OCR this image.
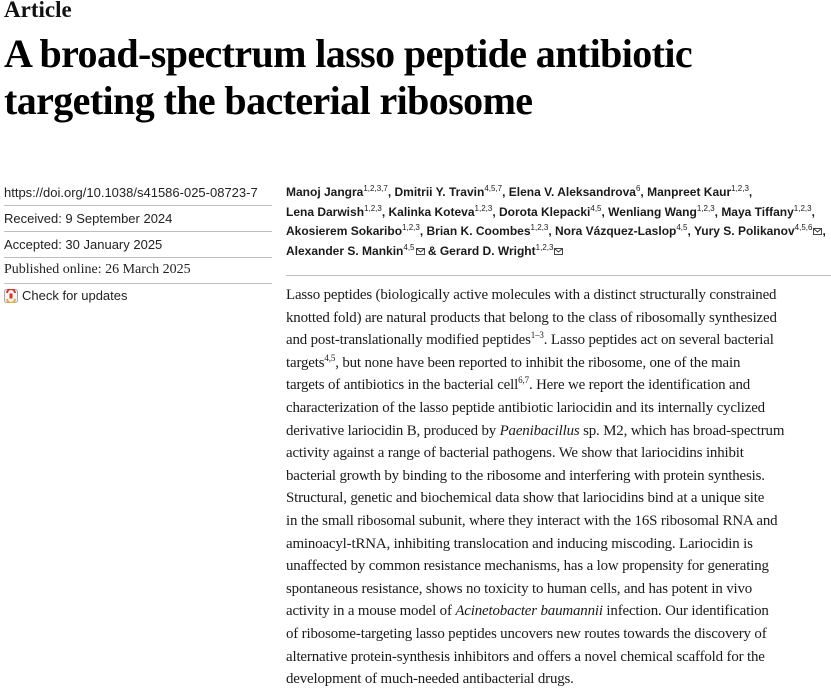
Article
A broad-spectrum lasso peptide antibiotic
targeting the bacterial ribosome
https://doi.org/10.1038/s41586-025-08723-7
Received: 9 September 2024
Accepted: 30 January 2025
Published online: 26 March 2025
Check for updates
Manoj Jangra$^{1,2,3,7}$, Dmitrii Y. Travin$^{4,5,7}$, Elena V. Aleksandrova$^6$, Manpreet Kaur$^{1,2,3}$, Lena Darwish$^{1,2,3}$, Kalinka Koteva$^{1,2,3}$, Dorota Klepacki$^{4,5}$, Wenliang Wang$^{1,2,3}$, Maya Tiffany$^{1,2,3}$, Akosierem Sokaribo$^{1,2,3}$, Brian K. Coombes$^{1,2,3}$, Nora Vázquez-Laslop$^{4,5}$, Yury S. Polikanov$^{4,5,6}$ , Alexander S. Mankin$^{4,5}$ & Gerard D. Wright$^{1,2,3}$
Lasso peptides (biologically active molecules with a distinct structurally constrained
knotted fold) are natural products that belong to the class of ribosomally synthesized
and post-translationally modified peptides$^{1-3}$. Lasso peptides act on several bacterial
targets$^{4,5}$, but none have been reported to inhibit the ribosome, one of the main
targets of antibiotics in the bacterial cell$^{6,7}$. Here we report the identification and
characterization of the lasso peptide antibiotic lariocidin and its internally cyclized
derivative lariocidin B, produced by Paenibacillus sp. M2, which has broad-spectrum
activity against a range of bacterial pathogens. We show that lariocidins inhibit
bacterial growth by binding to the ribosome and interfering with protein synthesis.
Structural, genetic and biochemical data show that lariocidins bind at a unique site
in the small ribosomal subunit, where they interact with the 16S ribosomal RNA and
aminoacyl-tRNA, inhibiting translocation and inducing miscoding. Lariocidin is
unaffected by common resistance mechanisms, has a low propensity for generating
spontaneous resistance, shows no toxicity to human cells, and has potent in vivo
activity in a mouse model of Acinetobacter baumannii infection. Our identification
of ribosome-targeting lasso peptides uncovers new routes towards the discovery of
alternative protein-synthesis inhibitors and offers a novel chemical scaffold for the
development of much-needed antibacterial drugs.
